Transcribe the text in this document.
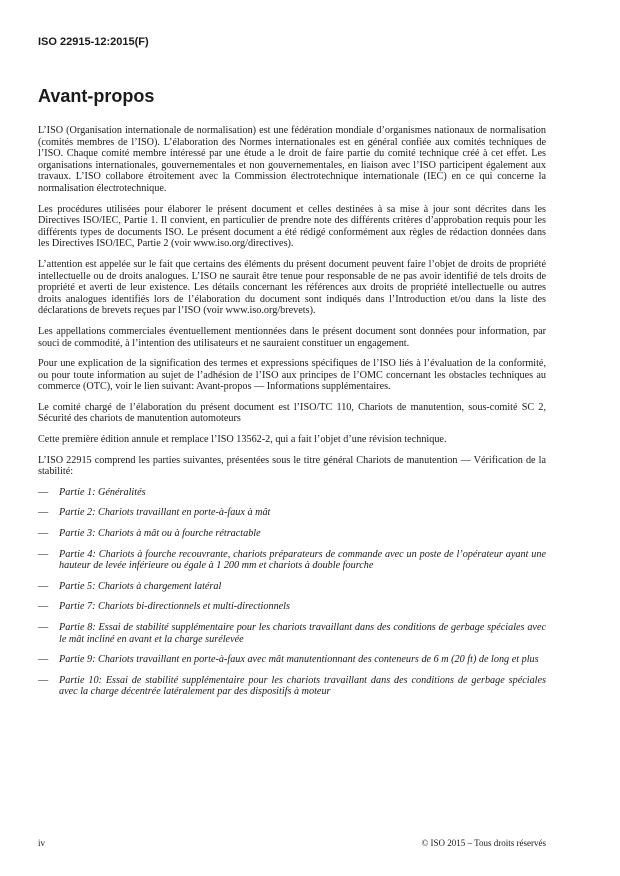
ISO 22915-12:2015(F)
Avant-propos

L’ISO (Organisation internationale de normalisation) est une fédération mondiale d’organismes nationaux de normalisation (comités membres de l’ISO). L’élaboration des Normes internationales est en général confiée aux comités techniques de l’ISO. Chaque comité membre intéressé par une étude a le droit de faire partie du comité technique créé à cet effet. Les organisations internationales, gouvernementales et non gouvernementales, en liaison avec l’ISO participent également aux travaux. L’ISO collabore étroitement avec la Commission électrotechnique internationale (IEC) en ce qui concerne la normalisation électrotechnique.

Les procédures utilisées pour élaborer le présent document et celles destinées à sa mise à jour sont décrites dans les Directives ISO/IEC, Partie 1. Il convient, en particulier de prendre note des différents critères d’approbation requis pour les différents types de documents ISO. Le présent document a été rédigé conformément aux règles de rédaction données dans les Directives ISO/IEC, Partie 2 (voir www.iso.org/directives).

L’attention est appelée sur le fait que certains des éléments du présent document peuvent faire l’objet de droits de propriété intellectuelle ou de droits analogues. L’ISO ne saurait être tenue pour responsable de ne pas avoir identifié de tels droits de propriété et averti de leur existence. Les détails concernant les références aux droits de propriété intellectuelle ou autres droits analogues identifiés lors de l’élaboration du document sont indiqués dans l’Introduction et/ou dans la liste des déclarations de brevets reçues par l’ISO (voir www.iso.org/brevets).

Les appellations commerciales éventuellement mentionnées dans le présent document sont données pour information, par souci de commodité, à l’intention des utilisateurs et ne sauraient constituer un engagement.

Pour une explication de la signification des termes et expressions spécifiques de l’ISO liés à l’évaluation de la conformité, ou pour toute information au sujet de l’adhésion de l’ISO aux principes de l’OMC concernant les obstacles techniques au commerce (OTC), voir le lien suivant: Avant-propos — Informations supplémentaires.

Le comité chargé de l’élaboration du présent document est l’ISO/TC 110, Chariots de manutention, sous-comité SC 2, Sécurité des chariots de manutention automoteurs

Cette première édition annule et remplace l’ISO 13562-2, qui a fait l’objet d’une révision technique.

L’ISO 22915 comprend les parties suivantes, présentées sous le titre général Chariots de manutention — Vérification de la stabilité:

— Partie 1: Généralités
— Partie 2: Chariots travaillant en porte-à-faux à mât
— Partie 3: Chariots à mât ou à fourche rétractable
— Partie 4: Chariots à fourche recouvrante, chariots préparateurs de commande avec un poste de l’opérateur ayant une hauteur de levée inférieure ou égale à 1 200 mm et chariots à double fourche
— Partie 5: Chariots à chargement latéral
— Partie 7: Chariots bi-directionnels et multi-directionnels
— Partie 8: Essai de stabilité supplémentaire pour les chariots travaillant dans des conditions de gerbage spéciales avec le mât incliné en avant et la charge surélevée
— Partie 9: Chariots travaillant en porte-à-faux avec mât manutentionnant des conteneurs de 6 m (20 ft) de long et plus
— Partie 10: Essai de stabilité supplémentaire pour les chariots travaillant dans des conditions de gerbage spéciales avec la charge décentrée latéralement par des dispositifs à moteur
iv	© ISO 2015 – Tous droits réservés
